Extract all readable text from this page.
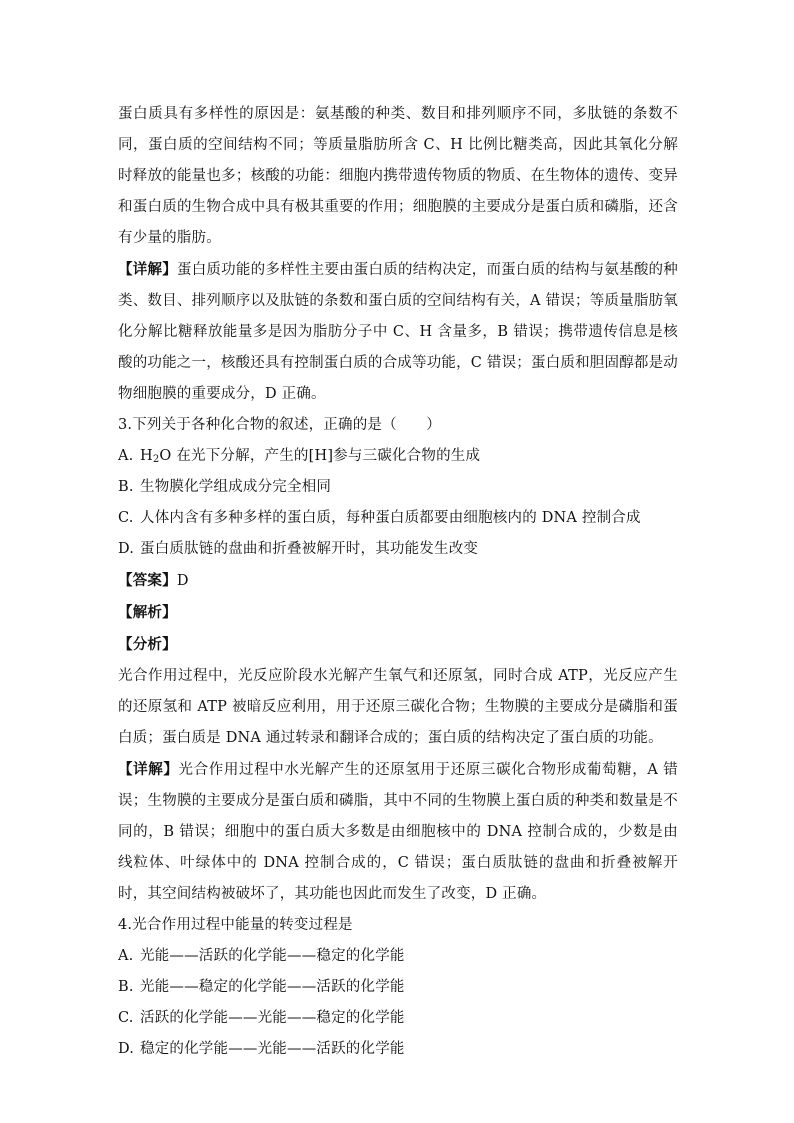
蛋白质具有多样性的原因是：氨基酸的种类、数目和排列顺序不同，多肽链的条数不同，蛋白质的空间结构不同；等质量脂肪所含 C、H 比例比糖类高，因此其氧化分解时释放的能量也多；核酸的功能：细胞内携带遗传物质的物质、在生物体的遗传、变异和蛋白质的生物合成中具有极其重要的作用；细胞膜的主要成分是蛋白质和磷脂，还含有少量的脂肪。

【详解】蛋白质功能的多样性主要由蛋白质的结构决定，而蛋白质的结构与氨基酸的种类、数目、排列顺序以及肽链的条数和蛋白质的空间结构有关，A 错误；等质量脂肪氧化分解比糖释放能量多是因为脂肪分子中 C、H 含量多，B 错误；携带遗传信息是核酸的功能之一，核酸还具有控制蛋白质的合成等功能，C 错误；蛋白质和胆固醇都是动物细胞膜的重要成分，D 正确。

3.下列关于各种化合物的叙述，正确的是（　　）

A. $H_2O$ 在光下分解，产生的[H]参与三碳化合物的生成

B. 生物膜化学组成成分完全相同

C. 人体内含有多种多样的蛋白质，每种蛋白质都要由细胞核内的 DNA 控制合成

D. 蛋白质肽链的盘曲和折叠被解开时，其功能发生改变

【答案】D

【解析】

【分析】

光合作用过程中，光反应阶段水光解产生氧气和还原氢，同时合成 ATP，光反应产生的还原氢和 ATP 被暗反应利用，用于还原三碳化合物；生物膜的主要成分是磷脂和蛋白质；蛋白质是 DNA 通过转录和翻译合成的；蛋白质的结构决定了蛋白质的功能。

【详解】光合作用过程中水光解产生的还原氢用于还原三碳化合物形成葡萄糖，A 错误；生物膜的主要成分是蛋白质和磷脂，其中不同的生物膜上蛋白质的种类和数量是不同的，B 错误；细胞中的蛋白质大多数是由细胞核中的 DNA 控制合成的，少数是由线粒体、叶绿体中的 DNA 控制合成的，C 错误；蛋白质肽链的盘曲和折叠被解开时，其空间结构被破坏了，其功能也因此而发生了改变，D 正确。

4.光合作用过程中能量的转变过程是

A. 光能——活跃的化学能——稳定的化学能

B. 光能——稳定的化学能——活跃的化学能

C. 活跃的化学能——光能——稳定的化学能

D. 稳定的化学能——光能——活跃的化学能
